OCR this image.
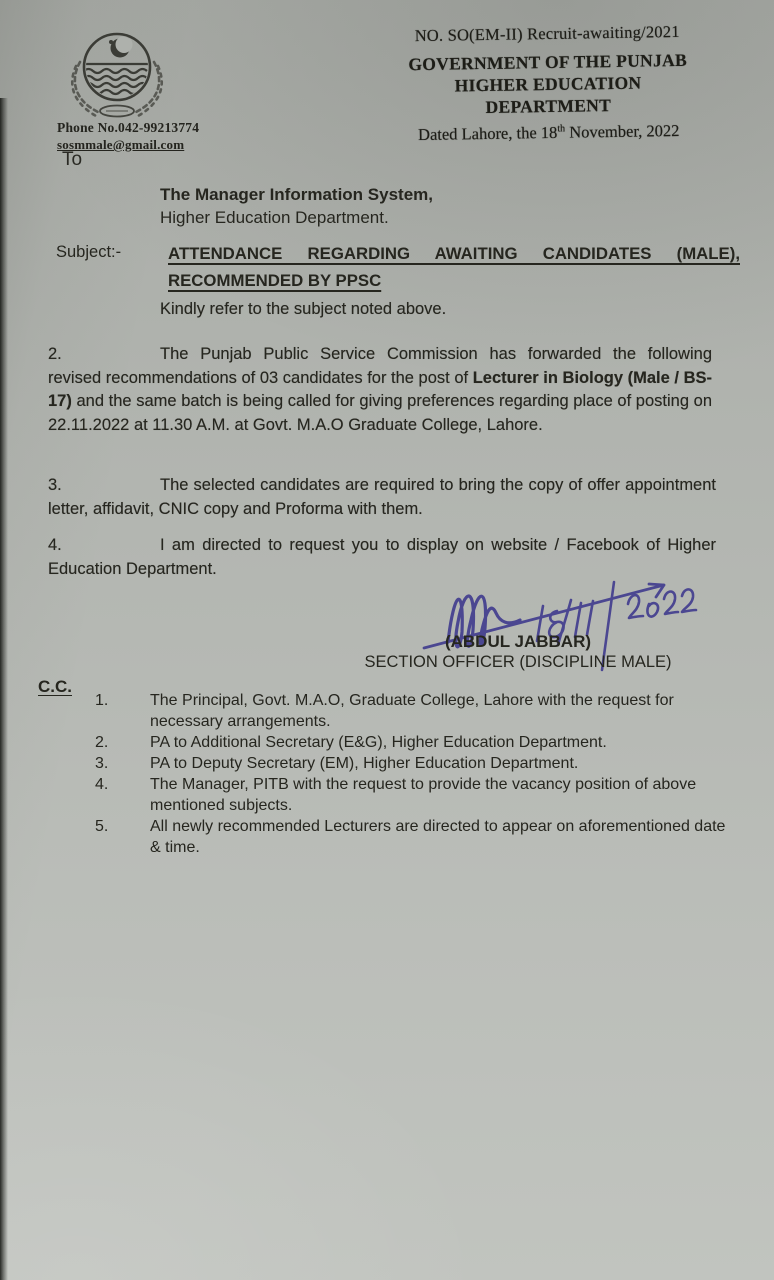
NO. SO(EM-II) Recruit-awaiting/2021
GOVERNMENT OF THE PUNJAB
HIGHER EDUCATION DEPARTMENT
Dated Lahore, the 18th November, 2022
Phone No.042-99213774
sosmmale@gmail.com
To
The Manager Information System,
Higher Education Department.
Subject:-	ATTENDANCE REGARDING AWAITING CANDIDATES (MALE),
RECOMMENDED BY PPSC
Kindly refer to the subject noted above.
2.	The Punjab Public Service Commission has forwarded the following revised recommendations of 03 candidates for the post of Lecturer in Biology (Male / BS-17) and the same batch is being called for giving preferences regarding place of posting on 22.11.2022 at 11.30 A.M. at Govt. M.A.O Graduate College, Lahore.
3.	The selected candidates are required to bring the copy of offer appointment letter, affidavit, CNIC copy and Proforma with them.
4.	I am directed to request you to display on website / Facebook of Higher Education Department.
(ABDUL JABBAR)
SECTION OFFICER (DISCIPLINE MALE)
C.C.
1.	The Principal, Govt. M.A.O, Graduate College, Lahore with the request for necessary arrangements.
2.	PA to Additional Secretary (E&G), Higher Education Department.
3.	PA to Deputy Secretary (EM), Higher Education Department.
4.	The Manager, PITB with the request to provide the vacancy position of above mentioned subjects.
5.	All newly recommended Lecturers are directed to appear on aforementioned date & time.
